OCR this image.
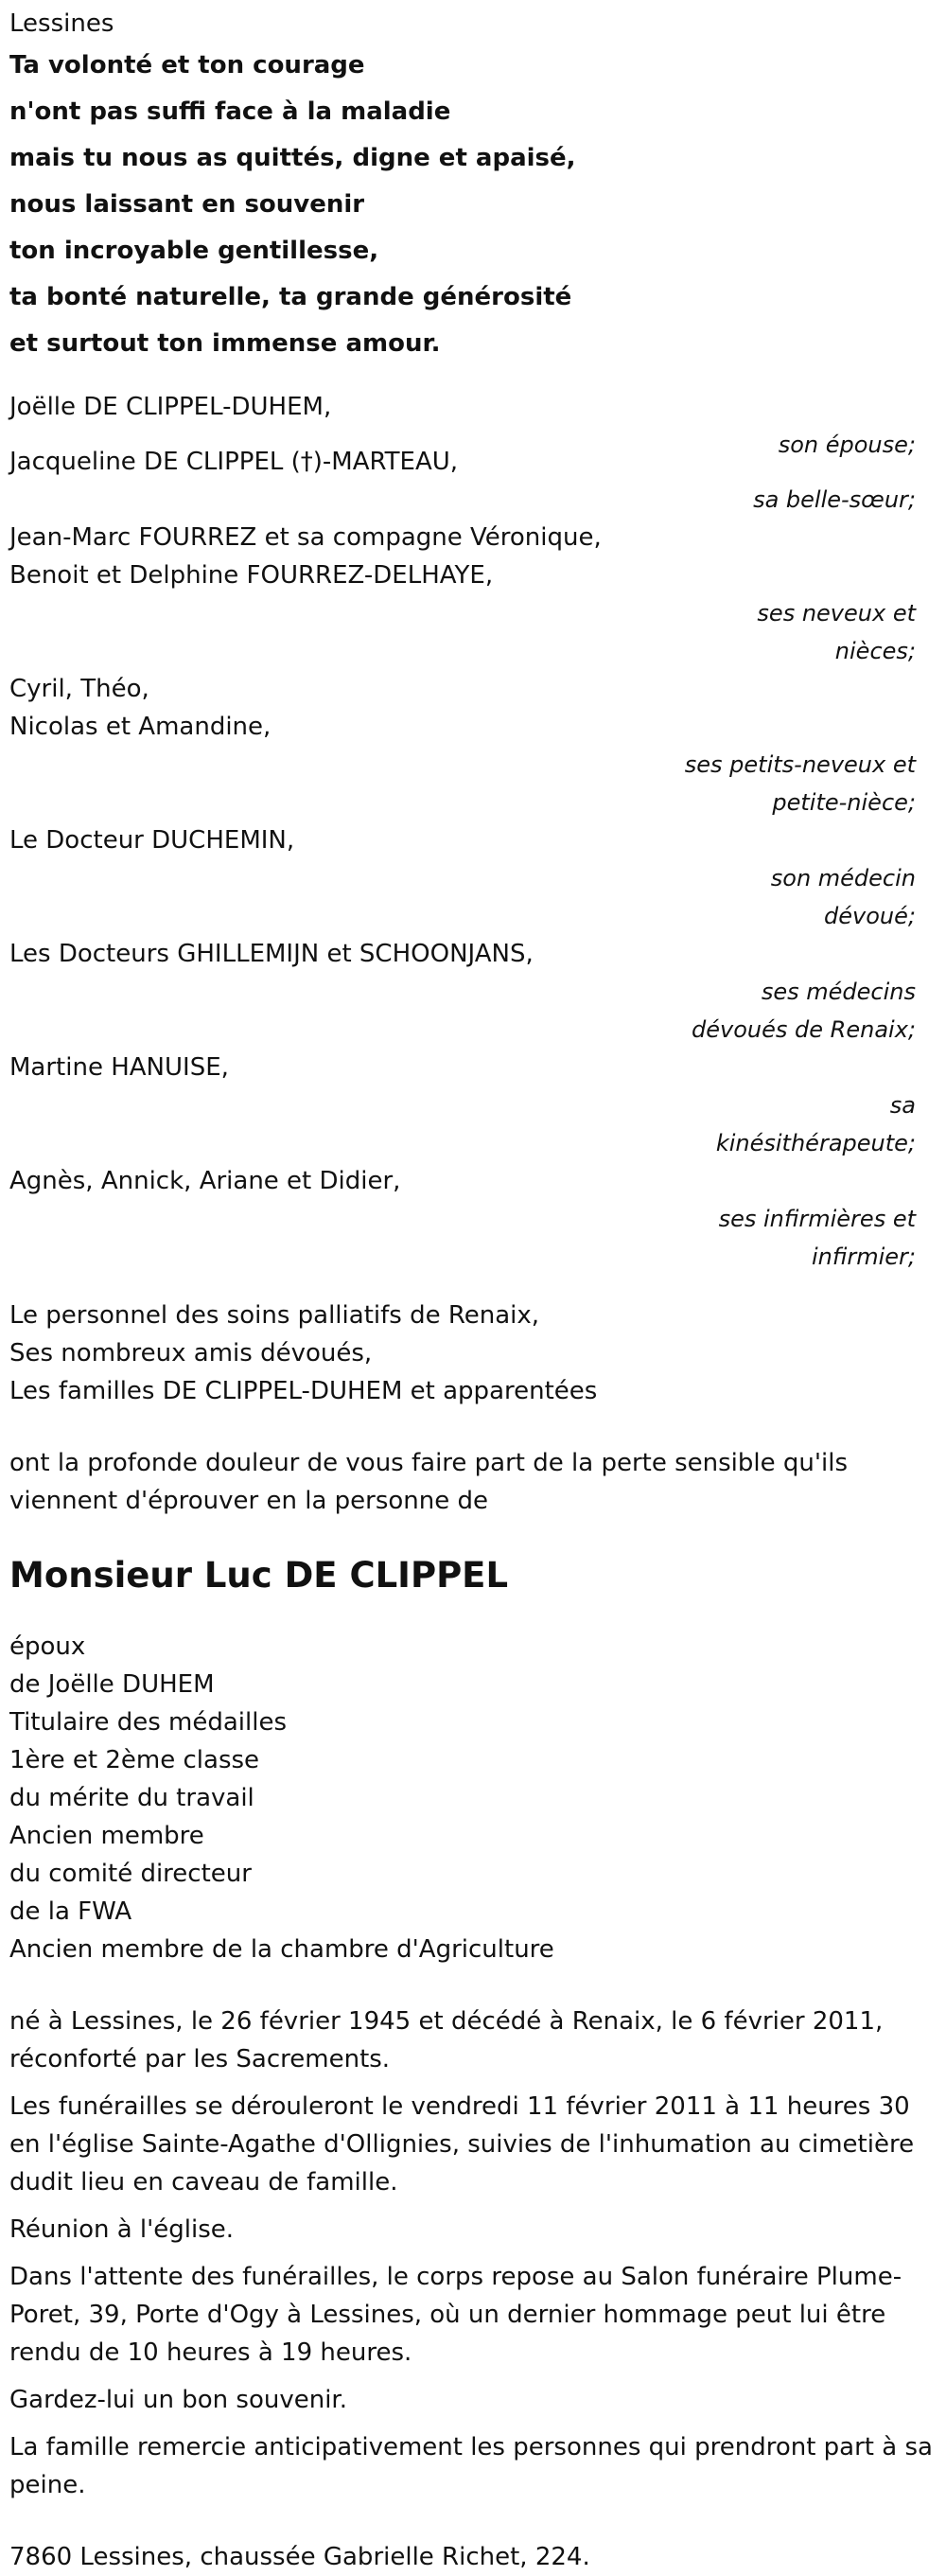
Lessines

Ta volonté et ton courage

n'ont pas suffi face à la maladie

mais tu nous as quittés, digne et apaisé,

nous laissant en souvenir

ton incroyable gentillesse,

ta bonté naturelle, ta grande générosité

et surtout ton immense amour.

Joëlle DE CLIPPEL-DUHEM,

son épouse;

Jacqueline DE CLIPPEL (†)-MARTEAU,

sa belle-sœur;

Jean-Marc FOURREZ et sa compagne Véronique,

Benoit et Delphine FOURREZ-DELHAYE,

ses neveux et
nièces;

Cyril, Théo,

Nicolas et Amandine,

ses petits-neveux et
petite-nièce;

Le Docteur DUCHEMIN,

son médecin
dévoué;

Les Docteurs GHILLEMIJN et SCHOONJANS,

ses médecins
dévoués de Renaix;

Martine HANUISE,

sa
kinésithérapeute;

Agnès, Annick, Ariane et Didier,

ses infirmières et
infirmier;

Le personnel des soins palliatifs de Renaix,

Ses nombreux amis dévoués,

Les familles DE CLIPPEL-DUHEM et apparentées

ont la profonde douleur de vous faire part de la perte sensible qu'ils viennent d'éprouver en la personne de

Monsieur Luc DE CLIPPEL

époux

de Joëlle DUHEM

Titulaire des médailles

1ère et 2ème classe

du mérite du travail

Ancien membre

du comité directeur

de la FWA

Ancien membre de la chambre d'Agriculture

né à Lessines, le 26 février 1945 et décédé à Renaix, le 6 février 2011, réconforté par les Sacrements.

Les funérailles se dérouleront le vendredi 11 février 2011 à 11 heures 30 en l'église Sainte-Agathe d'Ollignies, suivies de l'inhumation au cimetière dudit lieu en caveau de famille.

Réunion à l'église.

Dans l'attente des funérailles, le corps repose au Salon funéraire Plume-Poret, 39, Porte d'Ogy à Lessines, où un dernier hommage peut lui être rendu de 10 heures à 19 heures.

Gardez-lui un bon souvenir.

La famille remercie anticipativement les personnes qui prendront part à sa peine.

7860 Lessines, chaussée Gabrielle Richet, 224.
